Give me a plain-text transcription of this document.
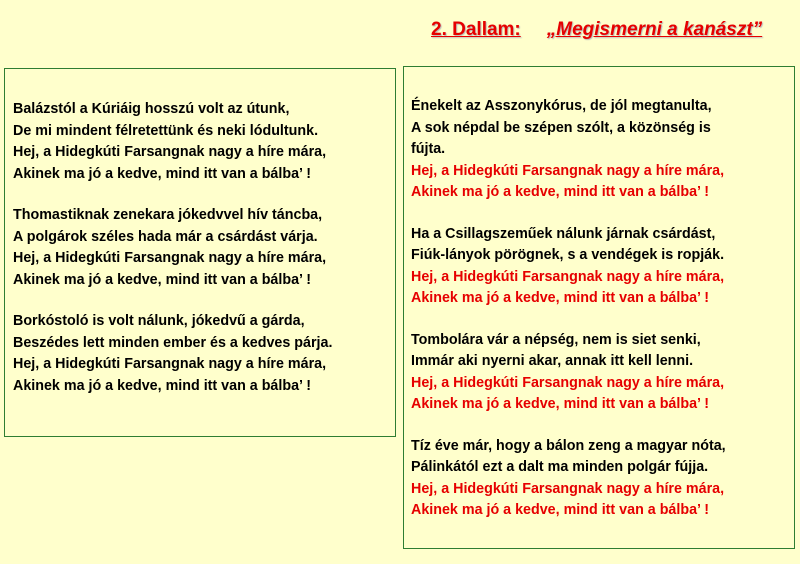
2. Dallam: „Megismerni a kanászt”
Balázstól a Kúriáig hosszú volt az útunk,
De mi mindent félretettünk és neki lódultunk.
Hej, a Hidegkúti Farsangnak nagy a híre mára,
Akinek ma jó a kedve, mind itt van a bálba’ !
Thomastiknak zenekara jókedvvel hív táncba,
A polgárok széles hada már a csárdást várja.
Hej, a Hidegkúti Farsangnak nagy a híre mára,
Akinek ma jó a kedve, mind itt van a bálba’ !
Borkóstoló is volt nálunk, jókedvű a gárda,
Beszédes lett minden ember és a kedves párja.
Hej, a Hidegkúti Farsangnak nagy a híre mára,
Akinek ma jó a kedve, mind itt van a bálba’ !
Énekelt az Asszonykórus, de jól megtanulta,
A sok népdal be szépen szólt, a közönség is
fújta.
Hej, a Hidegkúti Farsangnak nagy a híre mára,
Akinek ma jó a kedve, mind itt van a bálba’ !
Ha a Csillagszeműek nálunk járnak csárdást,
Fiúk-lányok pörögnek, s a vendégek is ropják.
Hej, a Hidegkúti Farsangnak nagy a híre mára,
Akinek ma jó a kedve, mind itt van a bálba’ !
Tombolára vár a népség, nem is siet senki,
Immár aki nyerni akar, annak itt kell lenni.
Hej, a Hidegkúti Farsangnak nagy a híre mára,
Akinek ma jó a kedve, mind itt van a bálba’ !
Tíz éve már, hogy a bálon zeng a magyar nóta,
Pálinkától ezt a dalt ma minden polgár fújja.
Hej, a Hidegkúti Farsangnak nagy a híre mára,
Akinek ma jó a kedve, mind itt van a bálba’ !
